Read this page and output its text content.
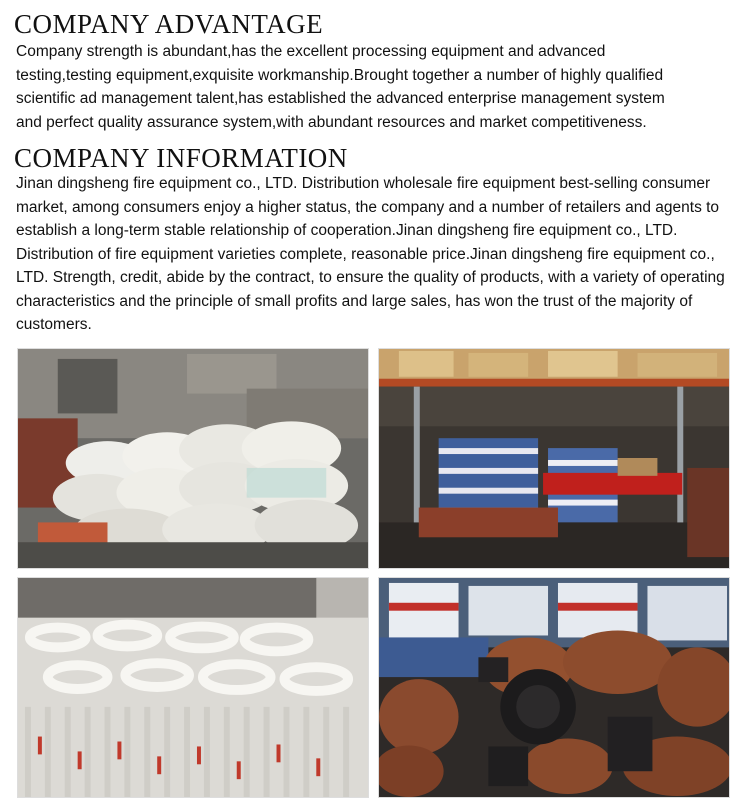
COMPANY ADVANTAGE
Company strength is abundant,has the excellent processing equipment and advanced
testing,testing equipment,exquisite workmanship.Brought together a number of highly qualified
scientific ad management talent,has established the advanced enterprise management system
and perfect quality assurance system,with abundant resources and market competitiveness.
COMPANY INFORMATION
Jinan dingsheng fire equipment co., LTD. Distribution wholesale fire equipment best-selling consumer
market, among consumers enjoy a higher status, the company and a number of retailers and agents to
establish a long-term stable relationship of cooperation.Jinan dingsheng fire equipment co., LTD.
Distribution of fire equipment varieties complete, reasonable price.Jinan dingsheng fire equipment co.,
LTD. Strength, credit, abide by the contract, to ensure the quality of products, with a variety of operating
characteristics and the principle of small profits and large sales, has won the trust of the majority of
customers.
